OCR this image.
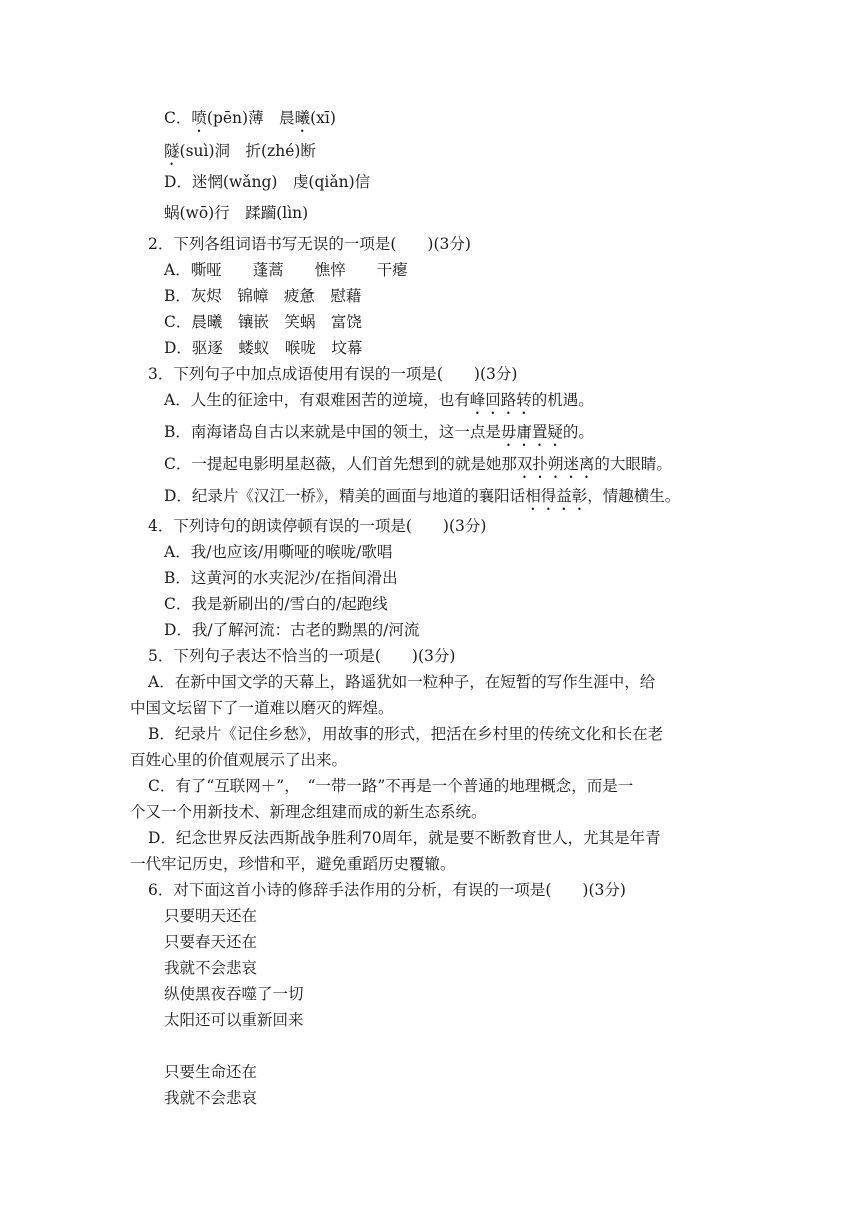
C．喷(pēn)薄　晨曦(xī)
隧(suì)洞　折(zhé)断
D．迷惘(wǎng)　虔(qiǎn)信
蜗(wō)行　蹂躏(lìn)
2．下列各组词语书写无误的一项是(　　)(3分)
A．嘶哑　　蓬蒿　　憔悴　　干瘪
B．灰烬　锦幛　疲惫　慰藉
C．晨曦　镶嵌　笑蜗　富饶
D．驱逐　蝼蚁　喉咙　坟幕
3．下列句子中加点成语使用有误的一项是(　　)(3分)
A．人生的征途中，有艰难困苦的逆境，也有峰回路转的机遇。
B．南海诸岛自古以来就是中国的领土，这一点是毋庸置疑的。
C．一提起电影明星赵薇，人们首先想到的就是她那双扑朔迷离的大眼睛。
D．纪录片《汉江一桥》，精美的画面与地道的襄阳话相得益彰，情趣横生。
4．下列诗句的朗读停顿有误的一项是(　　)(3分)
A．我/也应该/用嘶哑的喉咙/歌唱
B．这黄河的水夹泥沙/在指间滑出
C．我是新刷出的/雪白的/起跑线
D．我/了解河流：古老的黝黑的/河流
5．下列句子表达不恰当的一项是(　　)(3分)
A．在新中国文学的天幕上，路遥犹如一粒种子，在短暂的写作生涯中，给
中国文坛留下了一道难以磨灭的辉煌。
B．纪录片《记住乡愁》，用故事的形式，把活在乡村里的传统文化和长在老
百姓心里的价值观展示了出来。
C．有了“互联网＋”，　“一带一路”不再是一个普通的地理概念，而是一
个又一个用新技术、新理念组建而成的新生态系统。
D．纪念世界反法西斯战争胜利70周年，就是要不断教育世人，尤其是年青
一代牢记历史，珍惜和平，避免重蹈历史覆辙。
6．对下面这首小诗的修辞手法作用的分析，有误的一项是(　　)(3分)
只要明天还在
只要春天还在
我就不会悲哀
纵使黑夜吞噬了一切
太阳还可以重新回来
只要生命还在
我就不会悲哀
